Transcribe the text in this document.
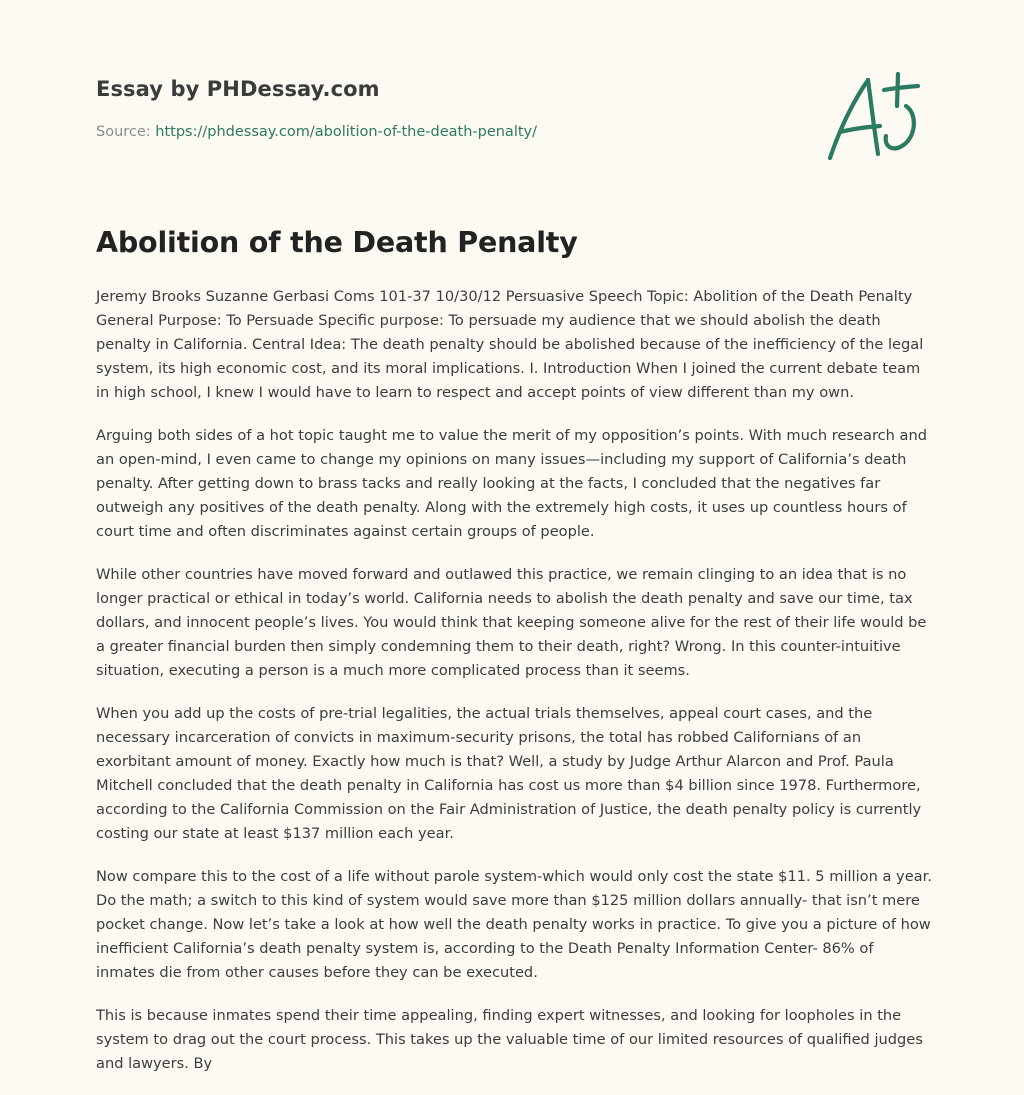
Essay by PHDessay.com
Source: https://phdessay.com/abolition-of-the-death-penalty/
Abolition of the Death Penalty

Jeremy Brooks Suzanne Gerbasi Coms 101-37 10/30/12 Persuasive Speech Topic: Abolition of the Death Penalty General Purpose: To Persuade Specific purpose: To persuade my audience that we should abolish the death penalty in California. Central Idea: The death penalty should be abolished because of the inefficiency of the legal system, its high economic cost, and its moral implications. I. Introduction When I joined the current debate team in high school, I knew I would have to learn to respect and accept points of view different than my own.

Arguing both sides of a hot topic taught me to value the merit of my opposition’s points. With much research and an open-mind, I even came to change my opinions on many issues—including my support of California’s death penalty. After getting down to brass tacks and really looking at the facts, I concluded that the negatives far outweigh any positives of the death penalty. Along with the extremely high costs, it uses up countless hours of court time and often discriminates against certain groups of people.

While other countries have moved forward and outlawed this practice, we remain clinging to an idea that is no longer practical or ethical in today’s world. California needs to abolish the death penalty and save our time, tax dollars, and innocent people’s lives. You would think that keeping someone alive for the rest of their life would be a greater financial burden then simply condemning them to their death, right? Wrong. In this counter-intuitive situation, executing a person is a much more complicated process than it seems.

When you add up the costs of pre-trial legalities, the actual trials themselves, appeal court cases, and the necessary incarceration of convicts in maximum-security prisons, the total has robbed Californians of an exorbitant amount of money. Exactly how much is that? Well, a study by Judge Arthur Alarcon and Prof. Paula Mitchell concluded that the death penalty in California has cost us more than $4 billion since 1978. Furthermore, according to the California Commission on the Fair Administration of Justice, the death penalty policy is currently costing our state at least $137 million each year.

Now compare this to the cost of a life without parole system-which would only cost the state $11. 5 million a year. Do the math; a switch to this kind of system would save more than $125 million dollars annually- that isn’t mere pocket change. Now let’s take a look at how well the death penalty works in practice. To give you a picture of how inefficient California’s death penalty system is, according to the Death Penalty Information Center- 86% of inmates die from other causes before they can be executed.

This is because inmates spend their time appealing, finding expert witnesses, and looking for loopholes in the system to drag out the court process. This takes up the valuable time of our limited resources of qualified judges and lawyers. By
